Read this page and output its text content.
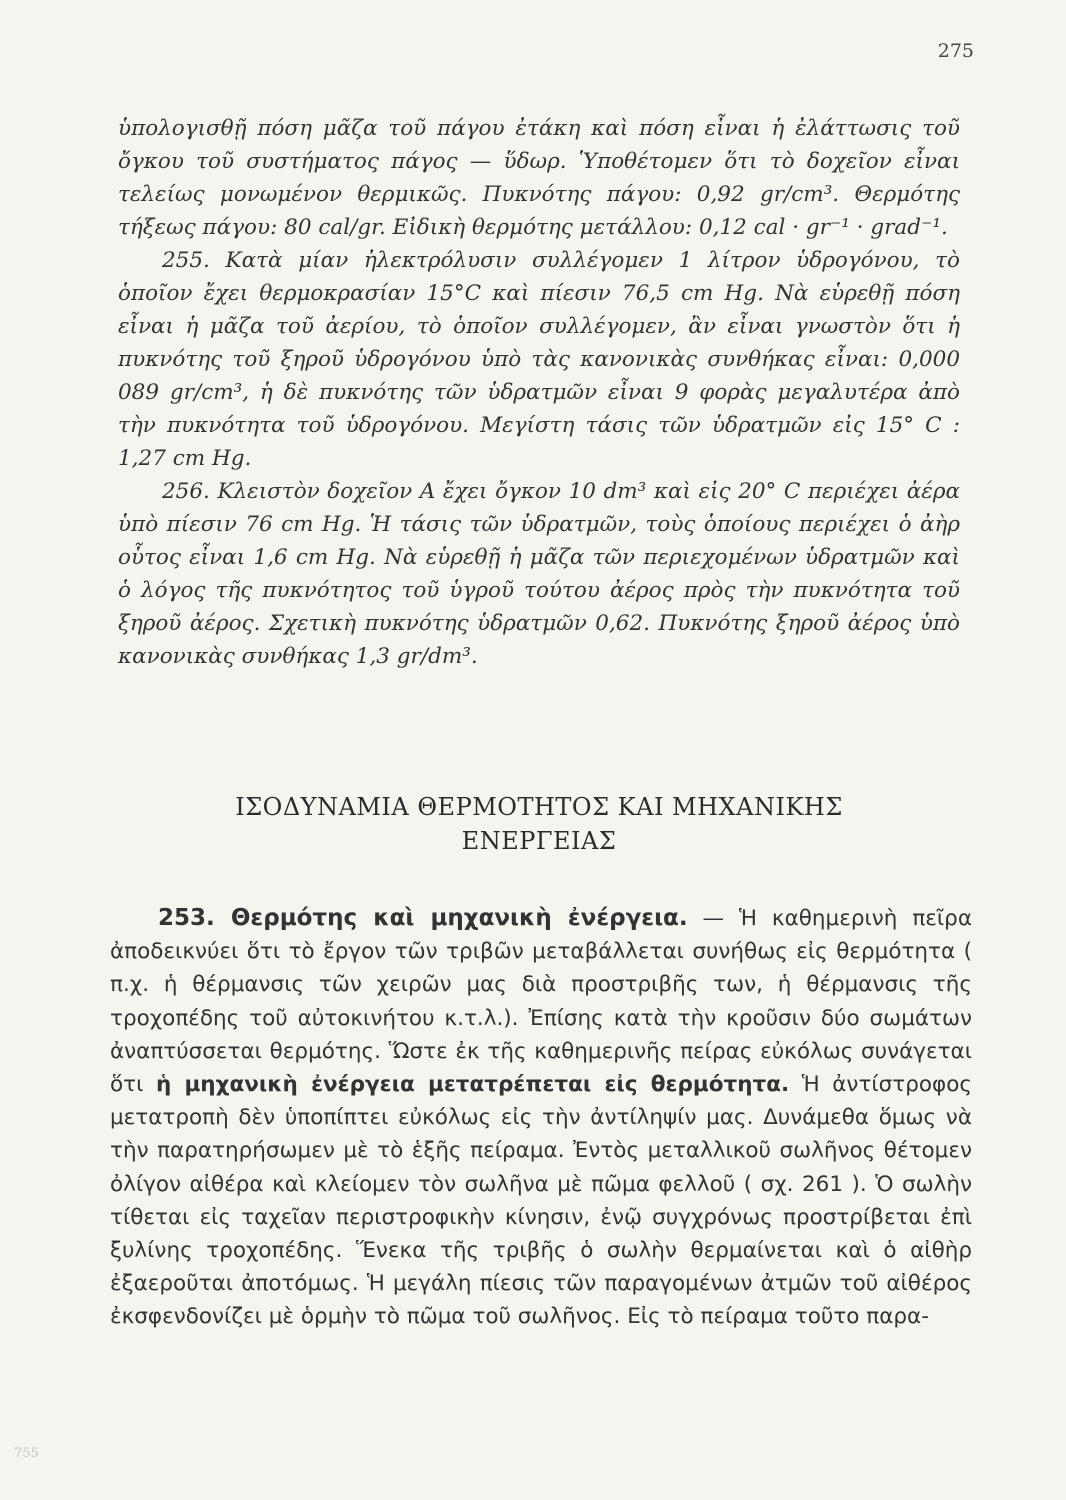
275

ὑπολογισθῇ πόση μᾶζα τοῦ πάγου ἐτάκη καὶ πόση εἶναι ἡ ἐλάττωσις τοῦ ὄγκου τοῦ συστήματος πάγος — ὕδωρ. Ὑποθέτομεν ὅτι τὸ δοχεῖον εἶναι τελείως μονωμένον θερμικῶς. Πυκνότης πάγου: 0,92 gr/cm³. Θερμότης τήξεως πάγου: 80 cal/gr. Εἰδικὴ θερμότης μετάλλου: 0,12 cal · gr⁻¹ · grad⁻¹.

255. Κατὰ μίαν ἠλεκτρόλυσιν συλλέγομεν 1 λίτρον ὑδρογόνου, τὸ ὁποῖον ἔχει θερμοκρασίαν 15°C καὶ πίεσιν 76,5 cm Hg. Νὰ εὑρεθῇ πόση εἶναι ἡ μᾶζα τοῦ ἀερίου, τὸ ὁποῖον συλλέγομεν, ἂν εἶναι γνωστὸν ὅτι ἡ πυκνότης τοῦ ξηροῦ ὑδρογόνου ὑπὸ τὰς κανονικὰς συνθήκας εἶναι: 0,000 089 gr/cm³, ἡ δὲ πυκνότης τῶν ὑδρατμῶν εἶναι 9 φορὰς μεγαλυτέρα ἀπὸ τὴν πυκνότητα τοῦ ὑδρογόνου. Μεγίστη τάσις τῶν ὑδρατμῶν εἰς 15° C : 1,27 cm Hg.

256. Κλειστὸν δοχεῖον A ἔχει ὄγκον 10 dm³ καὶ εἰς 20° C περιέχει ἀέρα ὑπὸ πίεσιν 76 cm Hg. Ἡ τάσις τῶν ὑδρατμῶν, τοὺς ὁποίους περιέχει ὁ ἀὴρ οὗτος εἶναι 1,6 cm Hg. Νὰ εὑρεθῇ ἡ μᾶζα τῶν περιεχομένων ὑδρατμῶν καὶ ὁ λόγος τῆς πυκνότητος τοῦ ὑγροῦ τούτου ἀέρος πρὸς τὴν πυκνότητα τοῦ ξηροῦ ἀέρος. Σχετικὴ πυκνότης ὑδρατμῶν 0,62. Πυκνότης ξηροῦ ἀέρος ὑπὸ κανονικὰς συνθήκας 1,3 gr/dm³.

ΙΣΟΔΥΝΑΜΙΑ ΘΕΡΜΟΤΗΤΟΣ ΚΑΙ ΜΗΧΑΝΙΚΗΣ
ΕΝΕΡΓΕΙΑΣ

253. Θερμότης καὶ μηχανικὴ ἐνέργεια. — Ἡ καθημερινὴ πεῖρα ἀποδεικνύει ὅτι τὸ ἔργον τῶν τριβῶν μεταβάλλεται συνήθως εἰς θερμότητα ( π.χ. ἡ θέρμανσις τῶν χειρῶν μας διὰ προστριβῆς των, ἡ θέρμανσις τῆς τροχοπέδης τοῦ αὐτοκινήτου κ.τ.λ.). Ἐπίσης κατὰ τὴν κροῦσιν δύο σωμάτων ἀναπτύσσεται θερμότης. Ὥστε ἐκ τῆς καθημερινῆς πείρας εὐκόλως συνάγεται ὅτι ἡ μηχανικὴ ἐνέργεια μετατρέπεται εἰς θερμότητα. Ἡ ἀντίστροφος μετατροπὴ δὲν ὑποπίπτει εὐκόλως εἰς τὴν ἀντίληψίν μας. Δυνάμεθα ὅμως νὰ τὴν παρατηρήσωμεν μὲ τὸ ἑξῆς πείραμα. Ἐντὸς μεταλλικοῦ σωλῆνος θέτομεν ὀλίγον αἰθέρα καὶ κλείομεν τὸν σωλῆνα μὲ πῶμα φελλοῦ ( σχ. 261 ). Ὁ σωλὴν τίθεται εἰς ταχεῖαν περιστροφικὴν κίνησιν, ἐνῷ συγχρόνως προστρίβεται ἐπὶ ξυλίνης τροχοπέδης. Ἕνεκα τῆς τριβῆς ὁ σωλὴν θερμαίνεται καὶ ὁ αἰθὴρ ἐξαεροῦται ἀποτόμως. Ἡ μεγάλη πίεσις τῶν παραγομένων ἀτμῶν τοῦ αἰθέρος ἐκσφενδονίζει μὲ ὁρμὴν τὸ πῶμα τοῦ σωλῆνος. Εἰς τὸ πείραμα τοῦτο παρα-

755
